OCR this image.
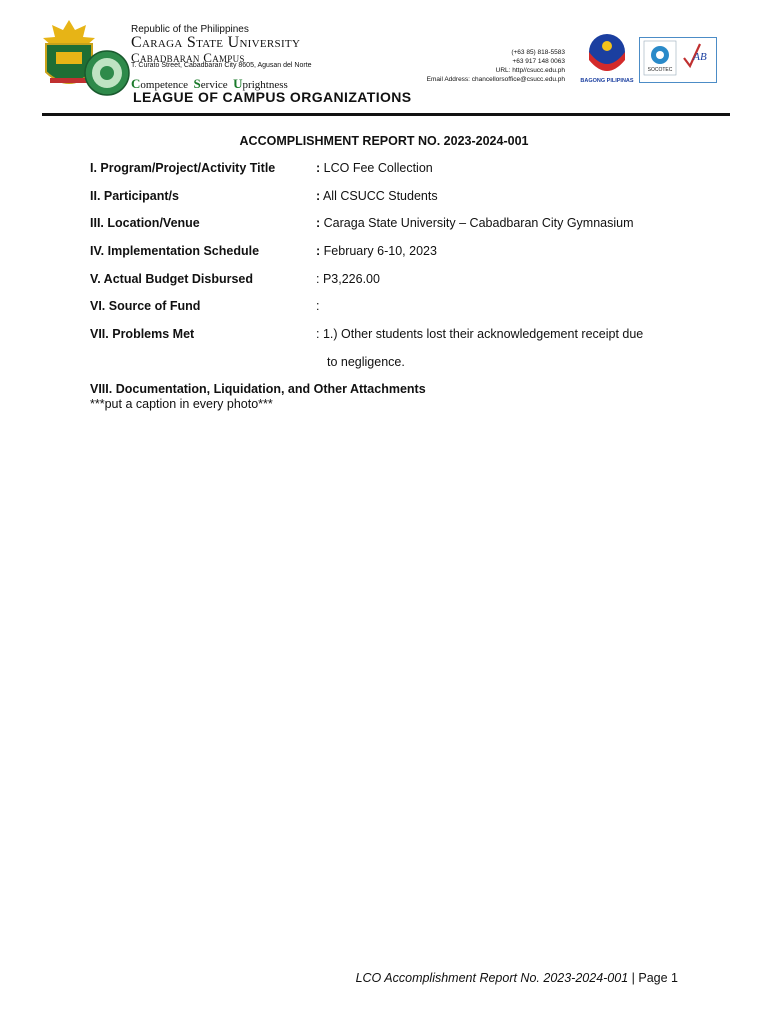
Republic of the Philippines
Caraga State University
Cabadbaran Campus
T. Curato Street, Cabadbaran City 8605, Agusan del Norte
Competence Service Uprightness
LEAGUE OF CAMPUS ORGANIZATIONS
(+63 85) 818-5583
+63 917 148 0063
URL: http//csucc.edu.ph
Email Address: chancellorsoffice@csucc.edu.ph	BAGONG PILIPINAS
SOCOTEC
AB
ACCOMPLISHMENT REPORT NO. 2023-2024-001
I. Program/Project/Activity Title	: LCO Fee Collection
II. Participant/s	: All CSUCC Students
III. Location/Venue	: Caraga State University – Cabadbaran City Gymnasium
IV. Implementation Schedule	: February 6-10, 2023
V. Actual Budget Disbursed	: P3,226.00
VI. Source of Fund	:
VII. Problems Met	: 1.) Other students lost their acknowledgement receipt due
to negligence.
VIII. Documentation, Liquidation, and Other Attachments
***put a caption in every photo***
LCO Accomplishment Report No. 2023-2024-001 | Page 1
